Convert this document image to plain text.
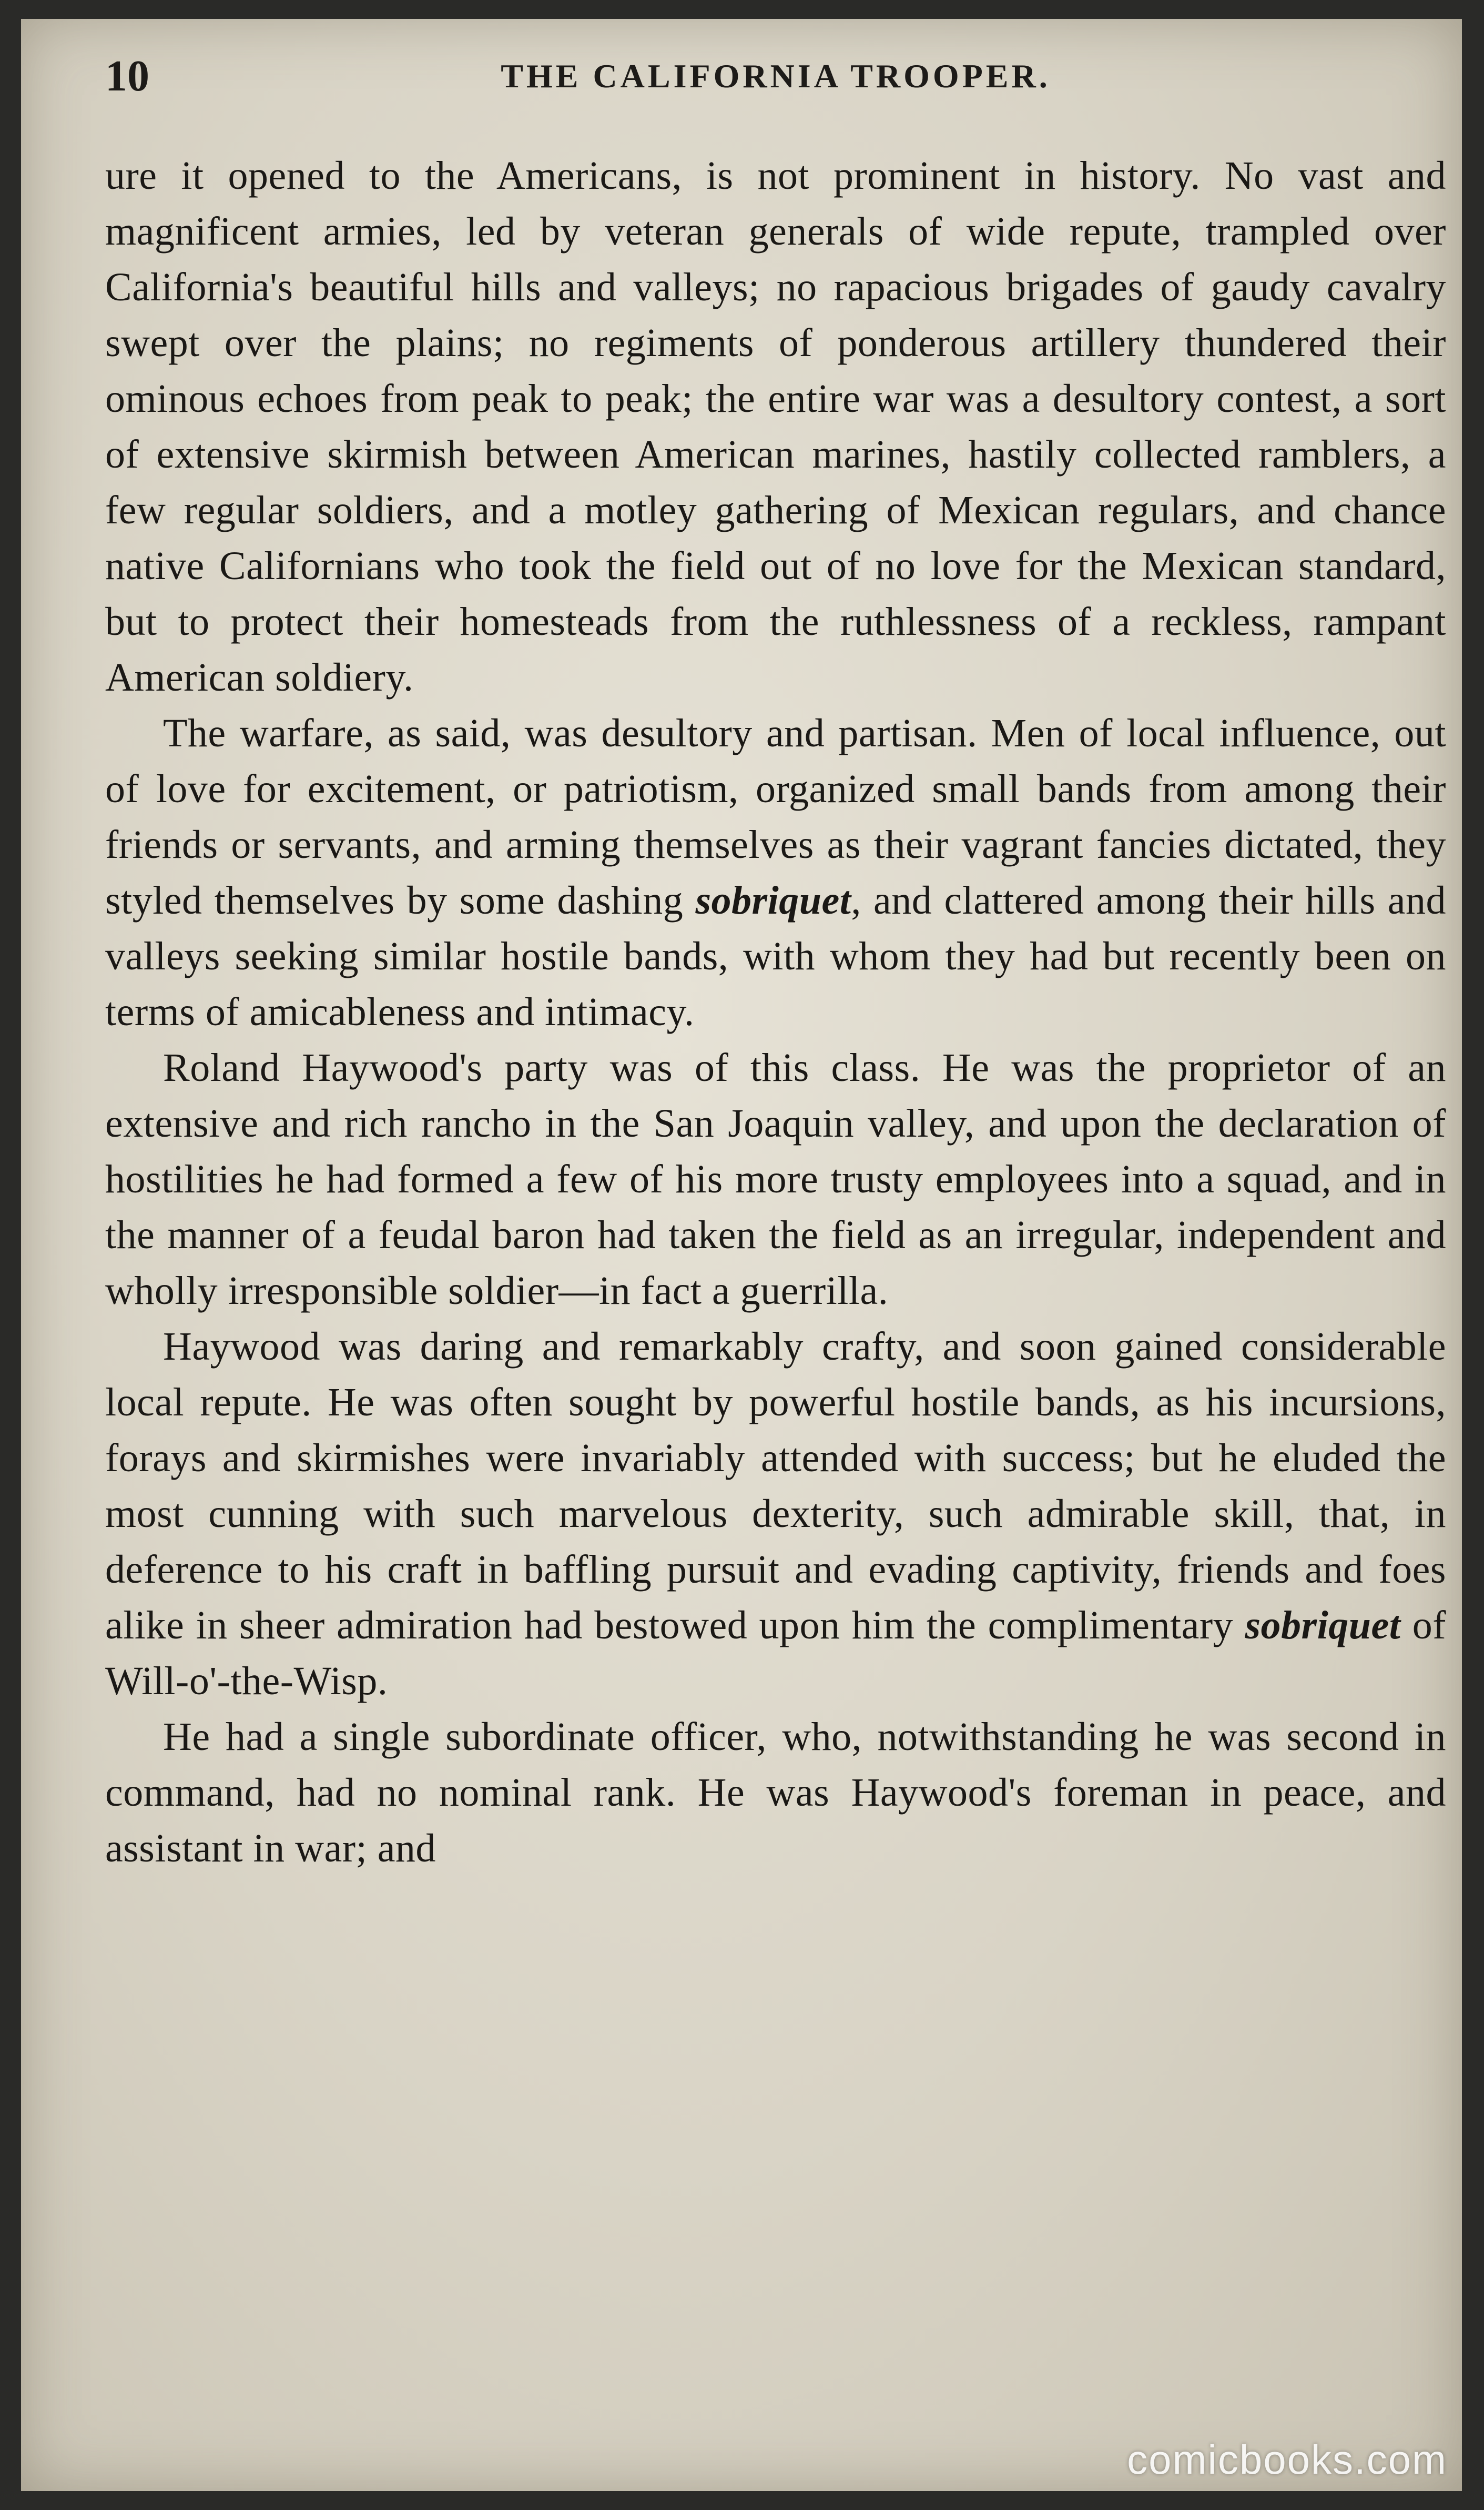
10	THE CALIFORNIA TROOPER.

ure it opened to the Americans, is not prominent in history. No vast and magnificent armies, led by veteran generals of wide repute, trampled over California's beautiful hills and valleys; no rapacious brigades of gaudy cavalry swept over the plains; no regiments of ponderous artillery thundered their ominous echoes from peak to peak; the entire war was a desultory contest, a sort of extensive skirmish between American marines, hastily collected ramblers, a few regular soldiers, and a motley gathering of Mexican regulars, and chance native Californians who took the field out of no love for the Mexican standard, but to protect their homesteads from the ruthlessness of a reckless, rampant American soldiery.

The warfare, as said, was desultory and partisan. Men of local influence, out of love for excitement, or patriotism, organized small bands from among their friends or servants, and arming themselves as their vagrant fancies dictated, they styled themselves by some dashing sobriquet, and clattered among their hills and valleys seeking similar hostile bands, with whom they had but recently been on terms of amicableness and intimacy.

Roland Haywood's party was of this class. He was the proprietor of an extensive and rich rancho in the San Joaquin valley, and upon the declaration of hostilities he had formed a few of his more trusty employees into a squad, and in the manner of a feudal baron had taken the field as an irregular, independent and wholly irresponsible soldier—in fact a guerrilla.

Haywood was daring and remarkably crafty, and soon gained considerable local repute. He was often sought by powerful hostile bands, as his incursions, forays and skirmishes were invariably attended with success; but he eluded the most cunning with such marvelous dexterity, such admirable skill, that, in deference to his craft in baffling pursuit and evading captivity, friends and foes alike in sheer admiration had bestowed upon him the complimentary sobriquet of Will-o'-the-Wisp.

He had a single subordinate officer, who, notwithstanding he was second in command, had no nominal rank. He was Haywood's foreman in peace, and assistant in war; and

comicbooks.com
